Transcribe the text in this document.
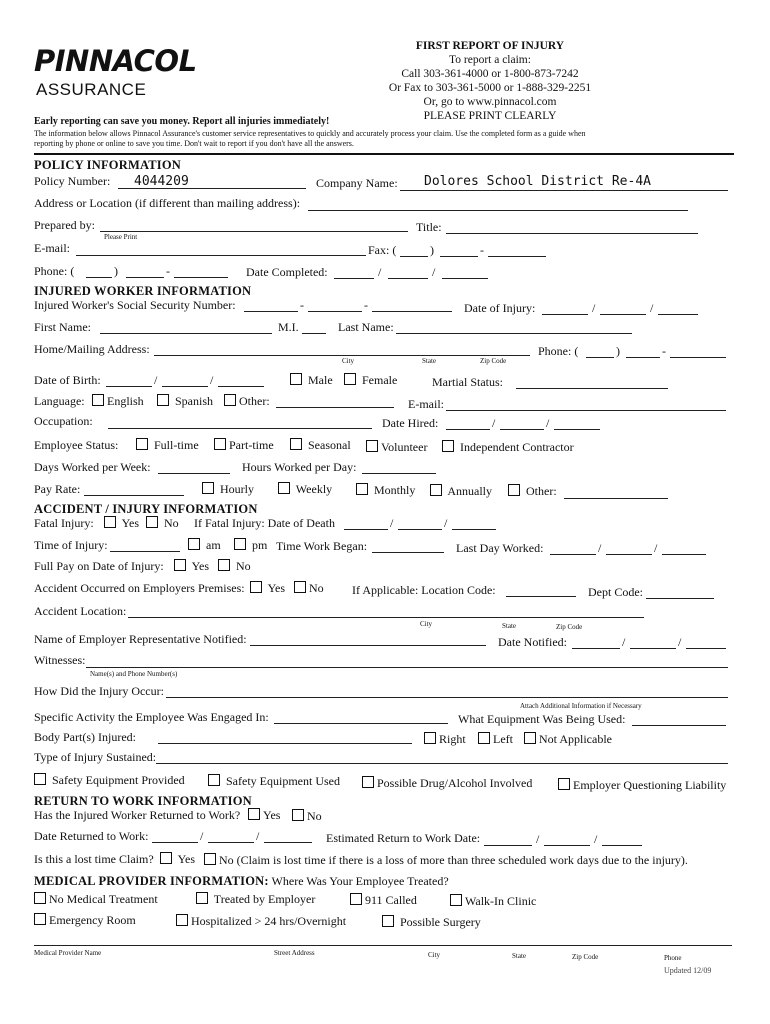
PINNACOL
ASSURANCE
FIRST REPORT OF INJURY
To report a claim:
Call 303-361-4000 or 1-800-873-7242
Or Fax to 303-361-5000 or 1-888-329-2251
Or, go to www.pinnacol.com
PLEASE PRINT CLEARLY
Early reporting can save you money. Report all injuries immediately!
The information below allows Pinnacol Assurance's customer service representatives to quickly and accurately process your claim. Use the completed form as a guide when
reporting by phone or online to save you time. Don't wait to report if you don't have all the answers.
POLICY INFORMATION
Policy Number: 4044209	Company Name: Dolores School District Re-4A
Address or Location (if different than mailing address):
Prepared by:
Please Print
Title:
E-mail:	Fax: (	)	-
Phone: (	)	-	Date Completed:	/	/
INJURED WORKER INFORMATION
Injured Worker's Social Security Number:	-	-	Date of Injury:	/	/
First Name:	M.I.	Last Name:
Home/Mailing Address:
City	State	Zip Code
Phone: (	)	-
Date of Birth:	/	/	Male	Female	Martial Status:
Language:	English	Spanish	Other:	E-mail:
Occupation:	Date Hired:	/	/
Employee Status:	Full-time	Part-time	Seasonal	Volunteer	Independent Contractor
Days Worked per Week:	Hours Worked per Day:
Pay Rate:	Hourly	Weekly	Monthly	Annually	Other:
ACCIDENT / INJURY INFORMATION
Fatal Injury:	Yes	No If Fatal Injury: Date of Death	/	/
Time of Injury:	am	pm Time Work Began:	Last Day Worked:	/	/
Full Pay on Date of Injury:	Yes	No
Accident Occurred on Employers Premises:	Yes	No If Applicable: Location Code:	Dept Code:
Accident Location:
City	State	Zip Code
Name of Employer Representative Notified:	Date Notified:	/	/
Witnesses:
Name(s) and Phone Number(s)
How Did the Injury Occur:
Attach Additional Information if Necessary
Specific Activity the Employee Was Engaged In:	What Equipment Was Being Used:
Body Part(s) Injured:	Right	Left	Not Applicable
Type of Injury Sustained:
Safety Equipment Provided	Safety Equipment Used	Possible Drug/Alcohol Involved	Employer Questioning Liability
RETURN TO WORK INFORMATION
Has the Injured Worker Returned to Work?	Yes	No
Date Returned to Work:	/	/	Estimated Return to Work Date:	/	/
Is this a lost time Claim?	Yes	No (Claim is lost time if there is a loss of more than three scheduled work days due to the injury).
MEDICAL PROVIDER INFORMATION: Where Was Your Employee Treated?
No Medical Treatment	Treated by Employer	911 Called	Walk-In Clinic
Emergency Room	Hospitalized > 24 hrs/Overnight	Possible Surgery
Medical Provider Name	Street Address	City	State	Zip Code	Phone
Updated 12/09
